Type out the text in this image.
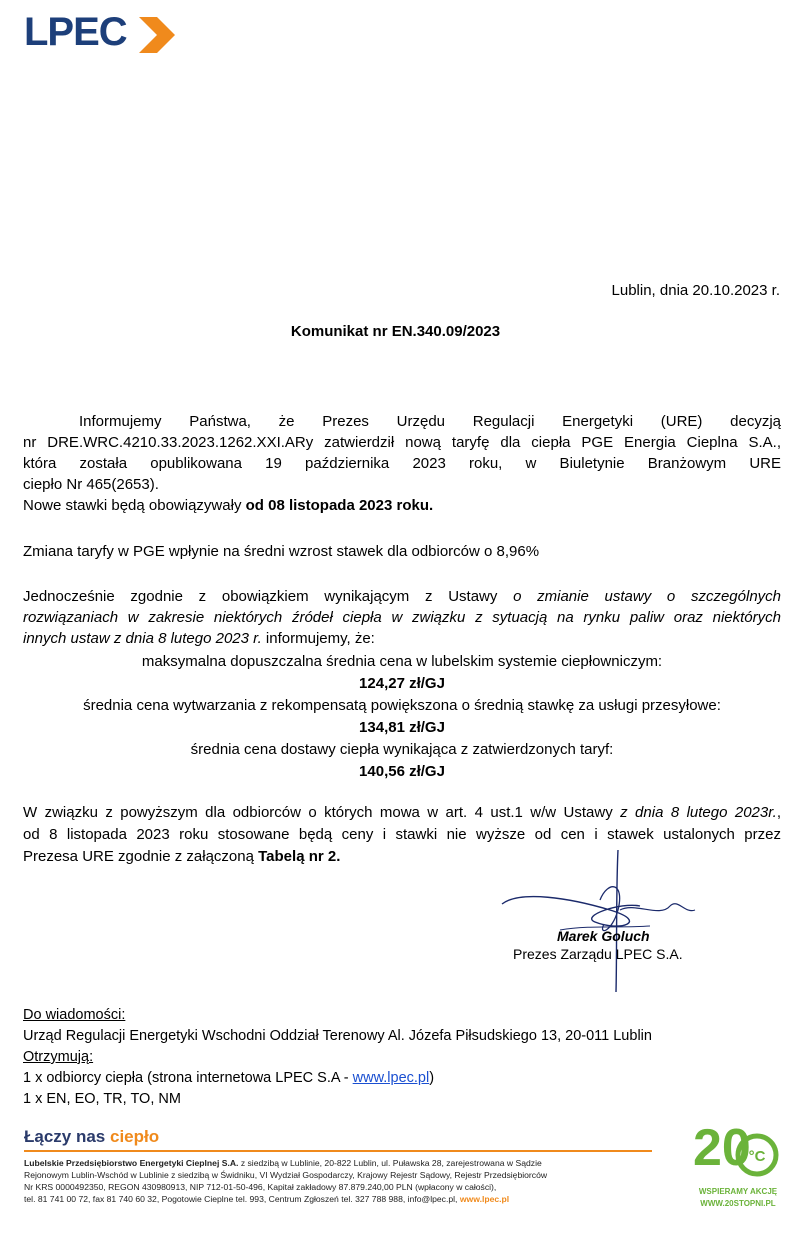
LPEC
Lublin, dnia 20.10.2023 r.
Komunikat nr EN.340.09/2023
Informujemy Państwa, że Prezes Urzędu Regulacji Energetyki (URE) decyzją
nr DRE.WRC.4210.33.2023.1262.XXI.ARy zatwierdził nową taryfę dla ciepła PGE Energia Cieplna S.A.,
która została opublikowana 19 października 2023 roku, w Biuletynie Branżowym URE
ciepło Nr 465(2653).
Nowe stawki będą obowiązywały od 08 listopada 2023 roku.
Zmiana taryfy w PGE wpłynie na średni wzrost stawek dla odbiorców o 8,96%
Jednocześnie zgodnie z obowiązkiem wynikającym z Ustawy o zmianie ustawy o szczególnych
rozwiązaniach w zakresie niektórych źródeł ciepła w związku z sytuacją na rynku paliw oraz niektórych
innych ustaw z dnia 8 lutego 2023 r. informujemy, że:
maksymalna dopuszczalna średnia cena w lubelskim systemie ciepłowniczym:
124,27 zł/GJ
średnia cena wytwarzania z rekompensatą powiększona o średnią stawkę za usługi przesyłowe:
134,81 zł/GJ
średnia cena dostawy ciepła wynikająca z zatwierdzonych taryf:
140,56 zł/GJ
W związku z powyższym dla odbiorców o których mowa w art. 4 ust.1 w/w Ustawy z dnia 8 lutego 2023r.,
od 8 listopada 2023 roku stosowane będą ceny i stawki nie wyższe od cen i stawek ustalonych przez
Prezesa URE zgodnie z załączoną Tabelą nr 2.
Marek Goluch
Prezes Zarządu LPEC S.A.
Do wiadomości:
Urząd Regulacji Energetyki Wschodni Oddział Terenowy Al. Józefa Piłsudskiego 13, 20-011 Lublin
Otrzymują:
1 x odbiorcy ciepła (strona internetowa LPEC S.A - www.lpec.pl)
1 x EN, EO, TR, TO, NM
Łączy nas ciepło
Lubelskie Przedsiębiorstwo Energetyki Cieplnej S.A. z siedzibą w Lublinie, 20-822 Lublin, ul. Puławska 28, zarejestrowana w Sądzie
Rejonowym Lublin-Wschód w Lublinie z siedzibą w Świdniku, VI Wydział Gospodarczy, Krajowy Rejestr Sądowy, Rejestr Przedsiębiorców
Nr KRS 0000492350, REGON 430980913, NIP 712-01-50-496, Kapitał zakładowy 87.879.240,00 PLN (wpłacony w całości),
tel. 81 741 00 72, fax 81 740 60 32, Pogotowie Cieplne tel. 993, Centrum Zgłoszeń tel. 327 788 988, info@lpec.pl, www.lpec.pl
20
°C
WSPIERAMY AKCJĘ
WWW.20STOPNI.PL
